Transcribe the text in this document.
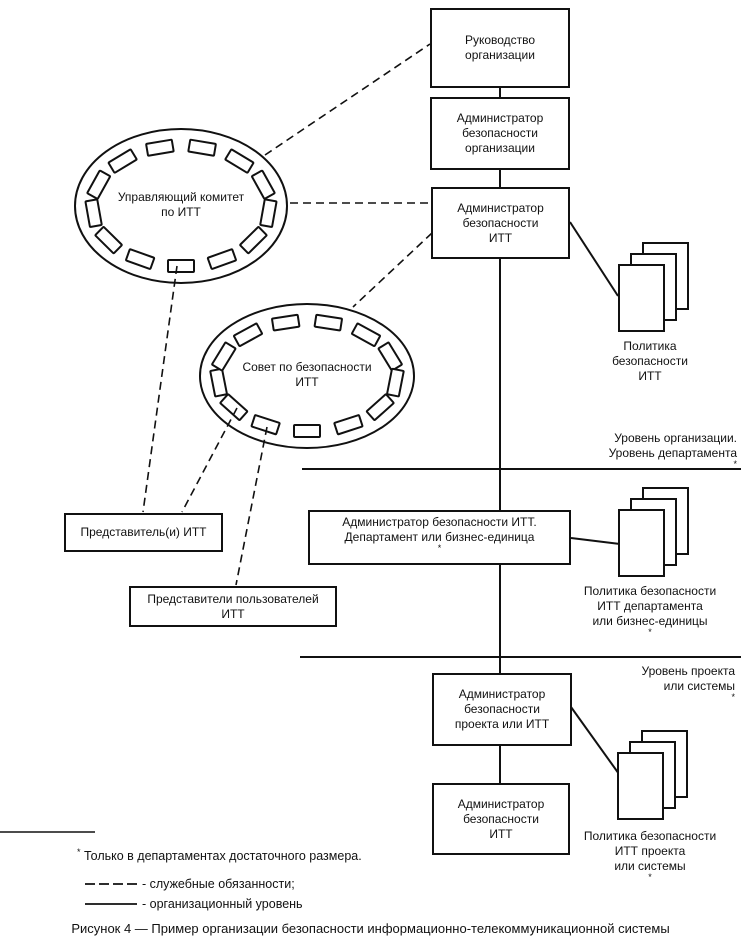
Руководство
организации
Администратор
безопасности
организации
Администратор
безопасности
ИТТ
Администратор безопасности ИТТ.
Департамент или бизнес-единица
*
Представитель(и) ИТТ
Представители пользователей
ИТТ
Администратор
безопасности
проекта или ИТТ
Администратор
безопасности
ИТТ
Управляющий комитет
по ИТТ
Совет по безопасности
ИТТ
Политика
безопасности
ИТТ
Политика безопасности
ИТТ департамента
или бизнес-единицы
*
Политика безопасности
ИТТ проекта
или системы
*
Уровень организации.
Уровень департамента
*
Уровень проекта
или системы
*
* Только в департаментах достаточного размера.
- служебные обязанности;
- организационный уровень
Рисунок 4 — Пример организации безопасности информационно-телекоммуникационной системы
